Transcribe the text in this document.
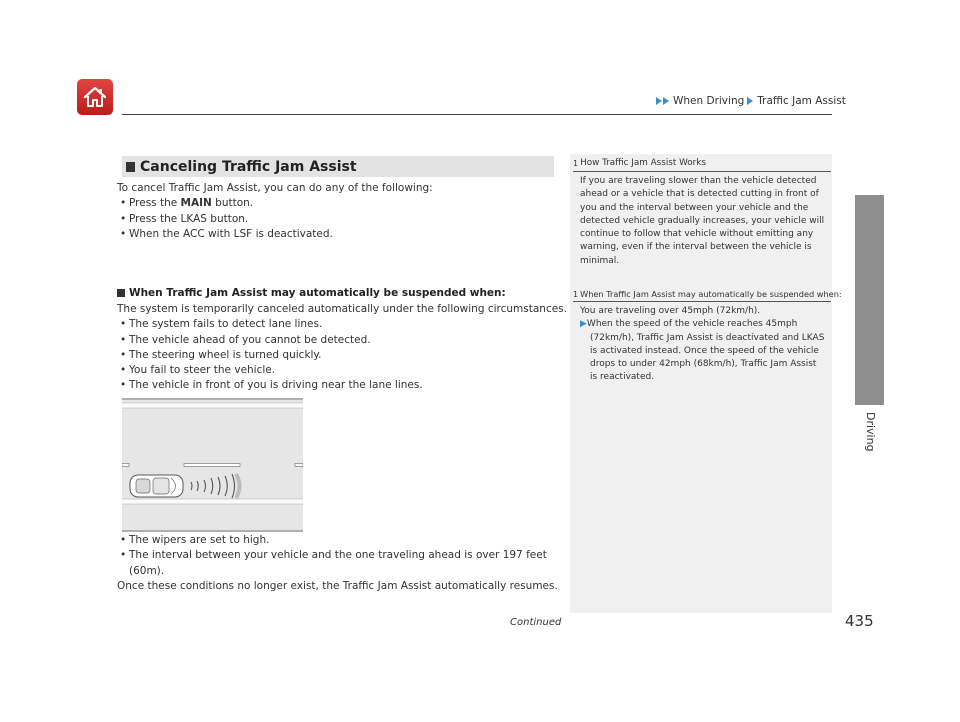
When Driving Traffic Jam Assist
Driving
Canceling Traffic Jam Assist
To cancel Traffic Jam Assist, you can do any of the following:
• Press the MAIN button.
• Press the LKAS button.
• When the ACC with LSF is deactivated.
When Traffic Jam Assist may automatically be suspended when:
The system is temporarily canceled automatically under the following circumstances.
• The system fails to detect lane lines.
• The vehicle ahead of you cannot be detected.
• The steering wheel is turned quickly.
• You fail to steer the vehicle.
• The vehicle in front of you is driving near the lane lines.
• The wipers are set to high.
• The interval between your vehicle and the one traveling ahead is over 197 feet
(60m).
Once these conditions no longer exist, the Traffic Jam Assist automatically resumes.
1 How Traffic Jam Assist Works
If you are traveling slower than the vehicle detected
ahead or a vehicle that is detected cutting in front of
you and the interval between your vehicle and the
detected vehicle gradually increases, your vehicle will
continue to follow that vehicle without emitting any
warning, even if the interval between the vehicle is
minimal.
1 When Traffic Jam Assist may automatically be suspended when:
You are traveling over 45mph (72km/h).
▶When the speed of the vehicle reaches 45mph
(72km/h), Traffic Jam Assist is deactivated and LKAS
is activated instead. Once the speed of the vehicle
drops to under 42mph (68km/h), Traffic Jam Assist
is reactivated.
Continued	435
